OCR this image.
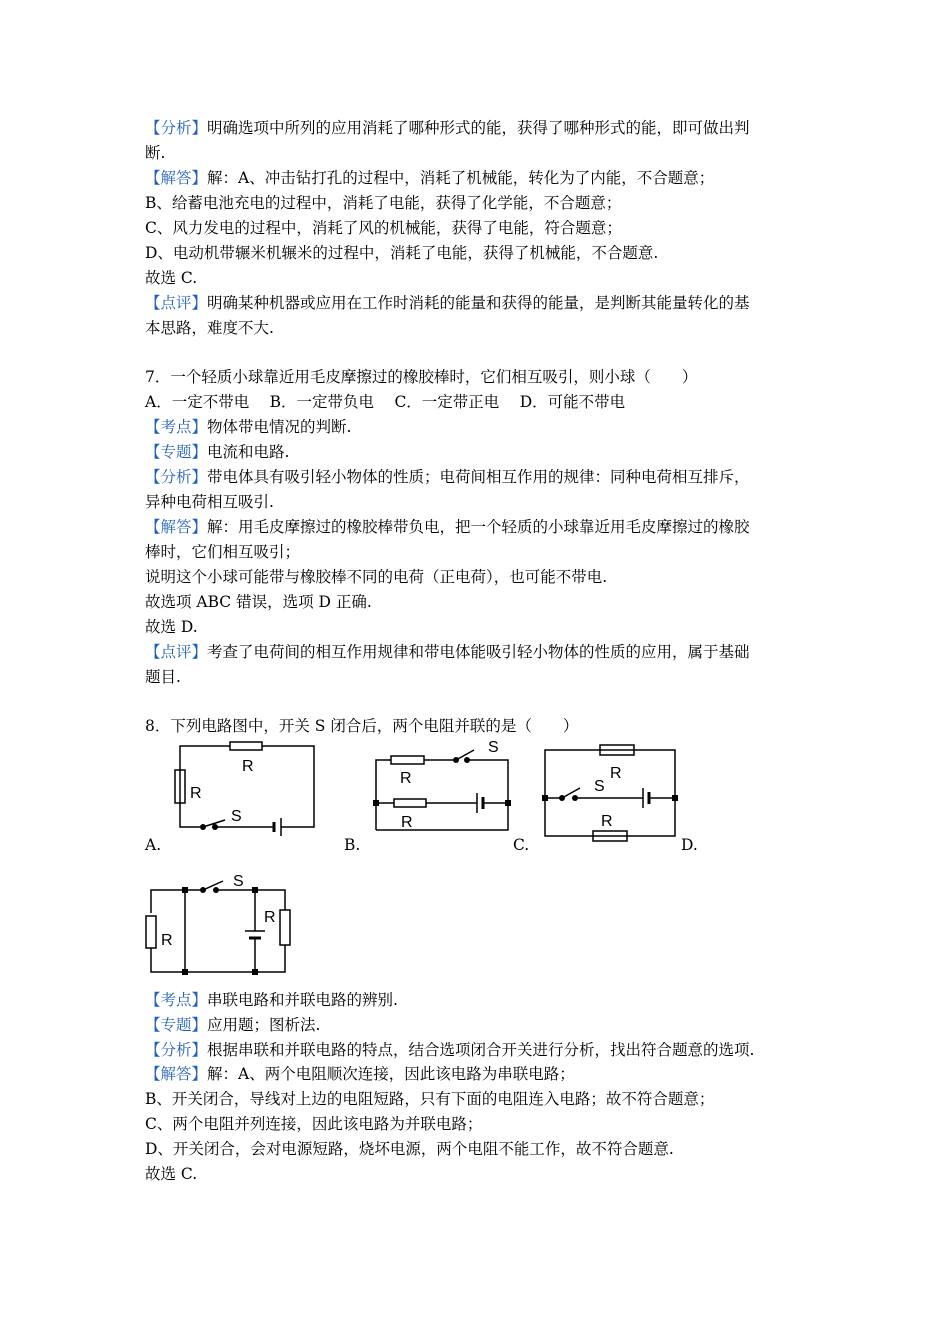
【分析】明确选项中所列的应用消耗了哪种形式的能，获得了哪种形式的能，即可做出判
断.
【解答】解：A、冲击钻打孔的过程中，消耗了机械能，转化为了内能，不合题意；
B、给蓄电池充电的过程中，消耗了电能，获得了化学能，不合题意；
C、风力发电的过程中，消耗了风的机械能，获得了电能，符合题意；
D、电动机带辗米机辗米的过程中，消耗了电能，获得了机械能，不合题意.
故选 C.
【点评】明确某种机器或应用在工作时消耗的能量和获得的能量，是判断其能量转化的基
本思路，难度不大.
7．一个轻质小球靠近用毛皮摩擦过的橡胶棒时，它们相互吸引，则小球（　　）
A．一定不带电　 B．一定带负电　 C．一定带正电　 D．可能不带电
【考点】物体带电情况的判断.
【专题】电流和电路.
【分析】带电体具有吸引轻小物体的性质；电荷间相互作用的规律：同种电荷相互排斥，
异种电荷相互吸引.
【解答】解：用毛皮摩擦过的橡胶棒带负电，把一个轻质的小球靠近用毛皮摩擦过的橡胶
棒时，它们相互吸引；
说明这个小球可能带与橡胶棒不同的电荷（正电荷），也可能不带电.
故选项 ABC 错误，选项 D 正确.
故选 D.
【点评】考查了电荷间的相互作用规律和带电体能吸引轻小物体的性质的应用，属于基础
题目.
8．下列电路图中，开关 S 闭合后，两个电阻并联的是（　　）
R
R
S
A.
S
R
R
B.
R
S
R
C.	D.
S
R
R
【考点】串联电路和并联电路的辨别.
【专题】应用题；图析法.
【分析】根据串联和并联电路的特点，结合选项闭合开关进行分析，找出符合题意的选项.
【解答】解：A、两个电阻顺次连接，因此该电路为串联电路；
B、开关闭合，导线对上边的电阻短路，只有下面的电阻连入电路；故不符合题意；
C、两个电阻并列连接，因此该电路为并联电路；
D、开关闭合，会对电源短路，烧坏电源，两个电阻不能工作，故不符合题意.
故选 C.
